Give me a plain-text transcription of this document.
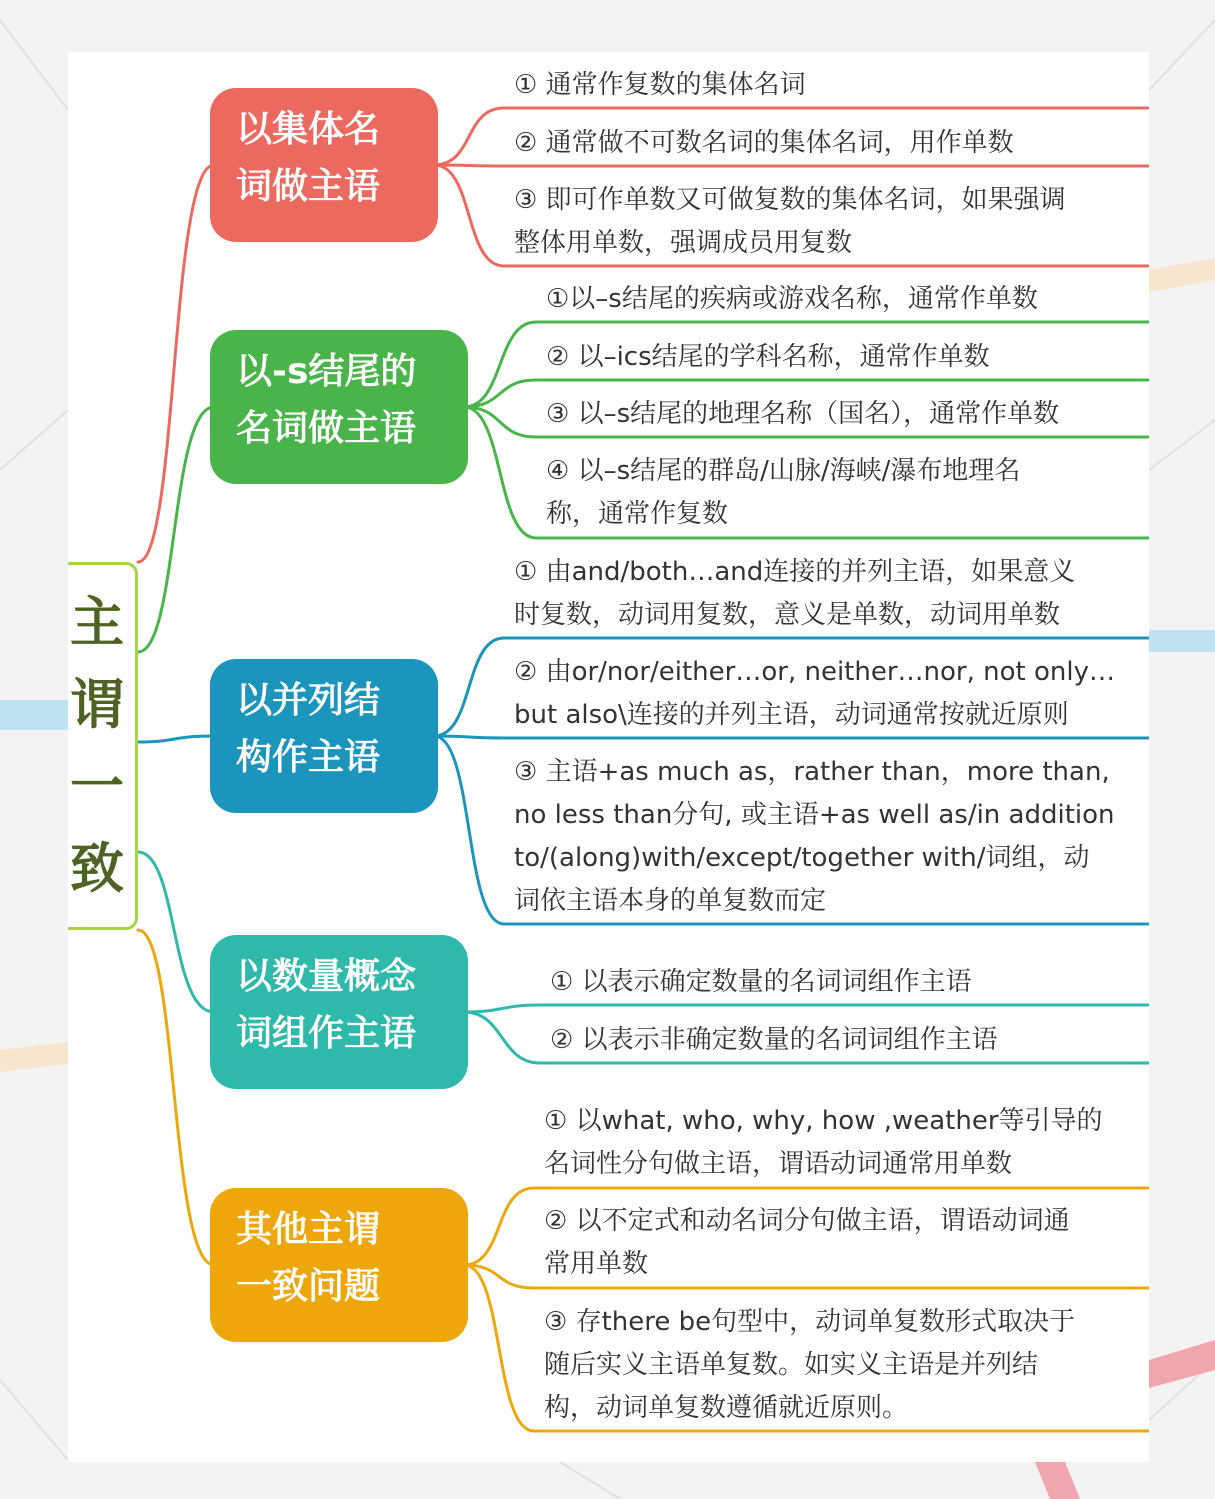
主
谓
一
致
以集体名
词做主语
① 通常作复数的集体名词
② 通常做不可数名词的集体名词，用作单数
③ 即可作单数又可做复数的集体名词，如果强调
整体用单数，强调成员用复数
以-s结尾的
名词做主语
①以–s结尾的疾病或游戏名称，通常作单数
② 以–ics结尾的学科名称，通常作单数
③ 以–s结尾的地理名称（国名），通常作单数
④ 以–s结尾的群岛/山脉/海峡/瀑布地理名
称，通常作复数
以并列结
构作主语
① 由and/both…and连接的并列主语，如果意义
时复数，动词用复数，意义是单数，动词用单数
② 由or/nor/either…or, neither…nor, not only…
but also\连接的并列主语，动词通常按就近原则
③ 主语+as much as，rather than，more than,
no less than分句, 或主语+as well as/in addition
to/(along)with/except/together with/词组，动
词依主语本身的单复数而定
以数量概念
词组作主语
① 以表示确定数量的名词词组作主语
② 以表示非确定数量的名词词组作主语
其他主谓
一致问题
① 以what, who, why, how ,weather等引导的
名词性分句做主语，谓语动词通常用单数
② 以不定式和动名词分句做主语，谓语动词通
常用单数
③ 存there be句型中，动词单复数形式取决于
随后实义主语单复数。如实义主语是并列结
构，动词单复数遵循就近原则。
